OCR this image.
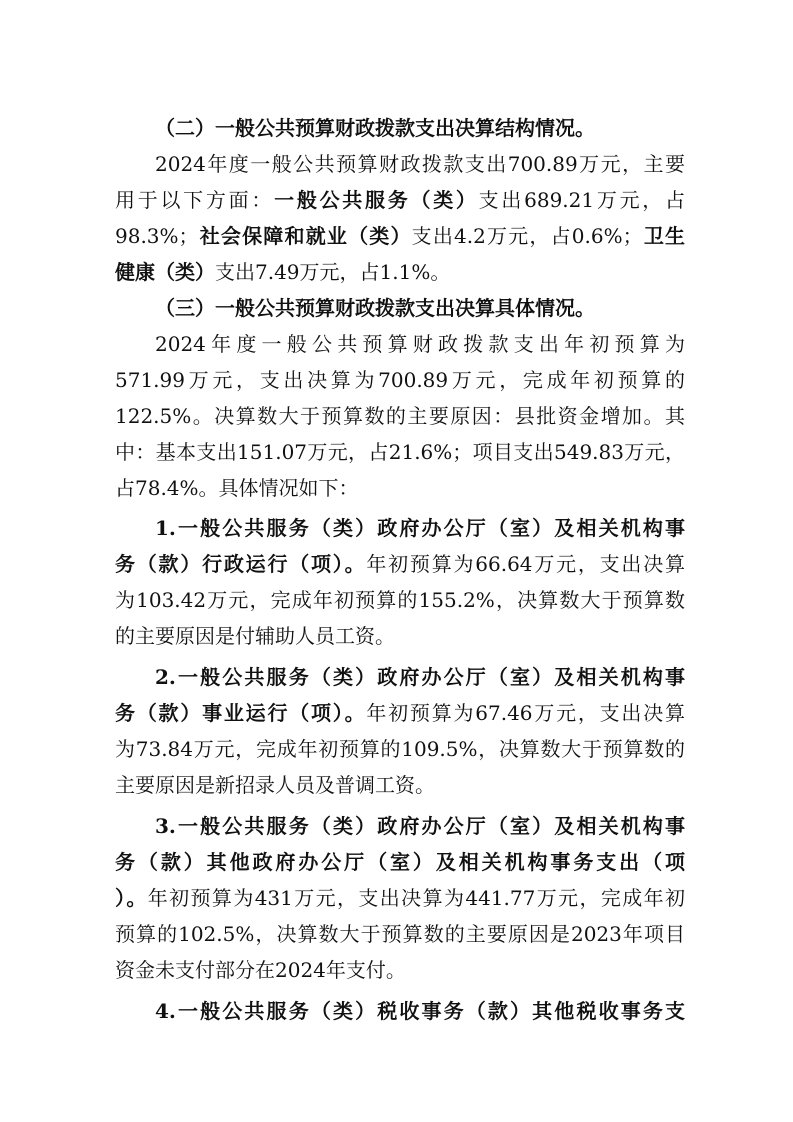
（二）一般公共预算财政拨款支出决算结构情况。
2024年度一般公共预算财政拨款支出700.89万元，主要
用于以下方面：一般公共服务（类）支出689.21万元，占
98.3%；社会保障和就业（类）支出4.2万元，占0.6%；卫生
健康（类）支出7.49万元，占1.1%。
（三）一般公共预算财政拨款支出决算具体情况。
2024年度一般公共预算财政拨款支出年初预算为
571.99万元，支出决算为700.89万元，完成年初预算的
122.5%。决算数大于预算数的主要原因：县批资金增加。其
中：基本支出151.07万元，占21.6%；项目支出549.83万元，
占78.4%。具体情况如下：
1.一般公共服务（类）政府办公厅（室）及相关机构事
务（款）行政运行（项）。年初预算为66.64万元，支出决算
为103.42万元，完成年初预算的155.2%，决算数大于预算数
的主要原因是付辅助人员工资。
2.一般公共服务（类）政府办公厅（室）及相关机构事
务（款）事业运行（项）。年初预算为67.46万元，支出决算
为73.84万元，完成年初预算的109.5%，决算数大于预算数的
主要原因是新招录人员及普调工资。
3.一般公共服务（类）政府办公厅（室）及相关机构事
务（款）其他政府办公厅（室）及相关机构事务支出（项
）。年初预算为431万元，支出决算为441.77万元，完成年初
预算的102.5%，决算数大于预算数的主要原因是2023年项目
资金未支付部分在2024年支付。
4.一般公共服务（类）税收事务（款）其他税收事务支
